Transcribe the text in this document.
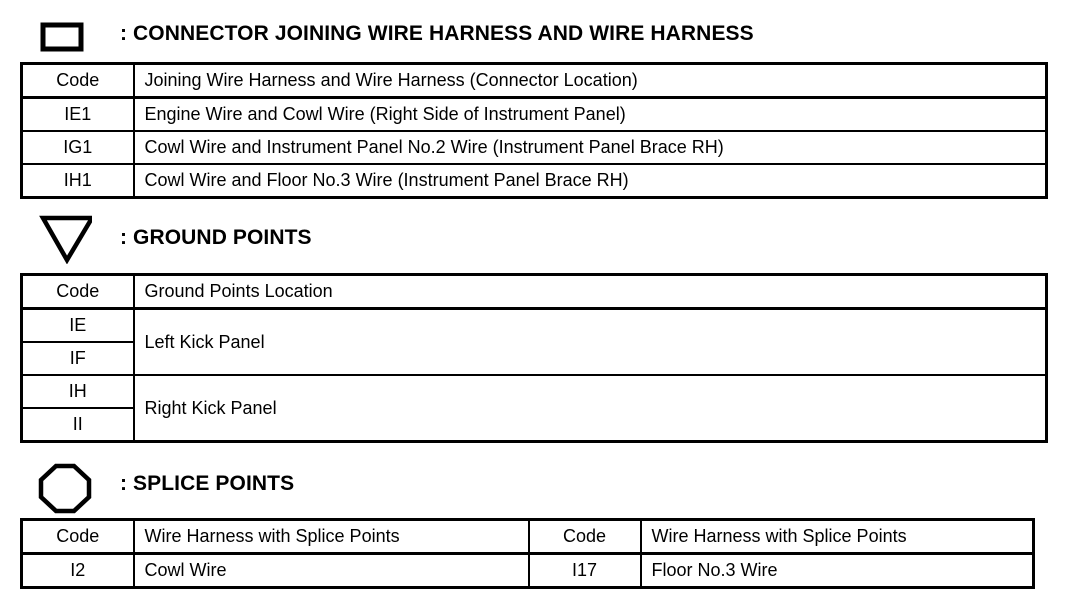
: CONNECTOR JOINING WIRE HARNESS AND WIRE HARNESS
Code	Joining Wire Harness and Wire Harness (Connector Location)
IE1	Engine Wire and Cowl Wire (Right Side of Instrument Panel)
IG1	Cowl Wire and Instrument Panel No.2 Wire (Instrument Panel Brace RH)
IH1	Cowl Wire and Floor No.3 Wire (Instrument Panel Brace RH)
: GROUND POINTS
Code	Ground Points Location
IE	Left Kick Panel
IF	
IH	Right Kick Panel
II	
: SPLICE POINTS
Code	Wire Harness with Splice Points	Code	Wire Harness with Splice Points
I2	Cowl Wire	I17	Floor No.3 Wire
